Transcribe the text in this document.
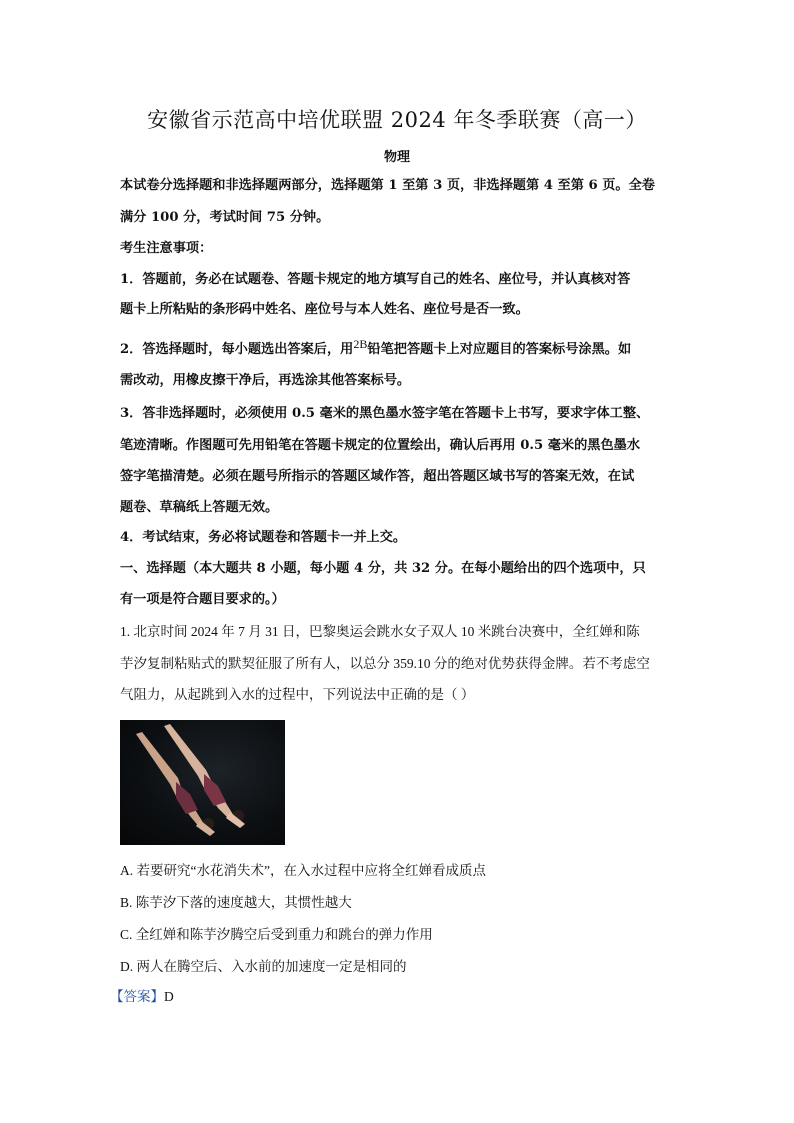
安徽省示范高中培优联盟 2024 年冬季联赛（高一）
物理
本试卷分选择题和非选择题两部分，选择题第 1 至第 3 页，非选择题第 4 至第 6 页。全卷
满分 100 分，考试时间 75 分钟。
考生注意事项：
1．答题前，务必在试题卷、答题卡规定的地方填写自己的姓名、座位号，并认真核对答
题卡上所粘贴的条形码中姓名、座位号与本人姓名、座位号是否一致。
2．答选择题时，每小题选出答案后，用2B铅笔把答题卡上对应题目的答案标号涂黑。如
需改动，用橡皮擦干净后，再选涂其他答案标号。
3．答非选择题时，必须使用 0.5 毫米的黑色墨水签字笔在答题卡上书写，要求字体工整、
笔迹清晰。作图题可先用铅笔在答题卡规定的位置绘出，确认后再用 0.5 毫米的黑色墨水
签字笔描清楚。必须在题号所指示的答题区域作答，超出答题区域书写的答案无效，在试
题卷、草稿纸上答题无效。
4．考试结束，务必将试题卷和答题卡一并上交。
一、选择题（本大题共 8 小题，每小题 4 分，共 32 分。在每小题给出的四个选项中，只
有一项是符合题目要求的。）
1. 北京时间 2024 年 7 月 31 日，巴黎奥运会跳水女子双人 10 米跳台决赛中，全红婵和陈
芋汐复制粘贴式的默契征服了所有人，以总分 359.10 分的绝对优势获得金牌。若不考虑空
气阻力，从起跳到入水的过程中，下列说法中正确的是（ ）
A. 若要研究“水花消失术”，在入水过程中应将全红婵看成质点
B. 陈芋汐下落的速度越大，其惯性越大
C. 全红婵和陈芋汐腾空后受到重力和跳台的弹力作用
D. 两人在腾空后、入水前的加速度一定是相同的
【答案】D
